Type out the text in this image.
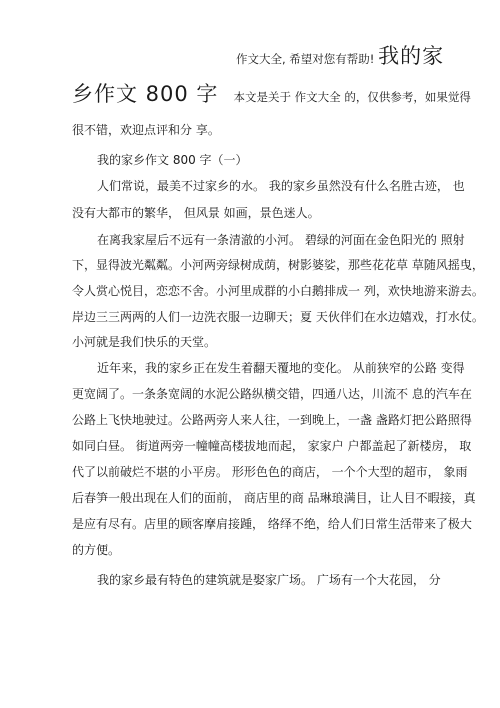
作文大全, 希望对您有帮助! 我的家
乡作文 800 字 本文是关于 作文大全 的，仅供参考，如果觉得
很不错，欢迎点评和分 享。
我的家乡作文 800 字（一）
人们常说，最美不过家乡的水。 我的家乡虽然没有什么名胜古迹， 也
没有大都市的繁华， 但风景 如画，景色迷人。
在离我家屋后不远有一条清澈的小河。 碧绿的河面在金色阳光的 照射
下，显得波光粼粼。小河两旁绿树成荫，树影婆娑，那些花花草 草随风摇曳，
令人赏心悦目，恋恋不舍。小河里成群的小白鹅排成一 列，欢快地游来游去。
岸边三三两两的人们一边洗衣服一边聊天；夏 天伙伴们在水边嬉戏，打水仗。
小河就是我们快乐的天堂。
近年来，我的家乡正在发生着翻天覆地的变化。 从前狭窄的公路 变得
更宽阔了。一条条宽阔的水泥公路纵横交错，四通八达，川流不 息的汽车在
公路上飞快地驶过。公路两旁人来人往，一到晚上，一盏 盏路灯把公路照得
如同白昼。 街道两旁一幢幢高楼拔地而起， 家家户 户都盖起了新楼房， 取
代了以前破烂不堪的小平房。 形形色色的商店， 一个个大型的超市， 象雨
后春笋一般出现在人们的面前， 商店里的商 品琳琅满目，让人目不暇接，真
是应有尽有。店里的顾客摩肩接踵， 络绎不绝，给人们日常生活带来了极大
的方便。
我的家乡最有特色的建筑就是娶家广场。 广场有一个大花园， 分
